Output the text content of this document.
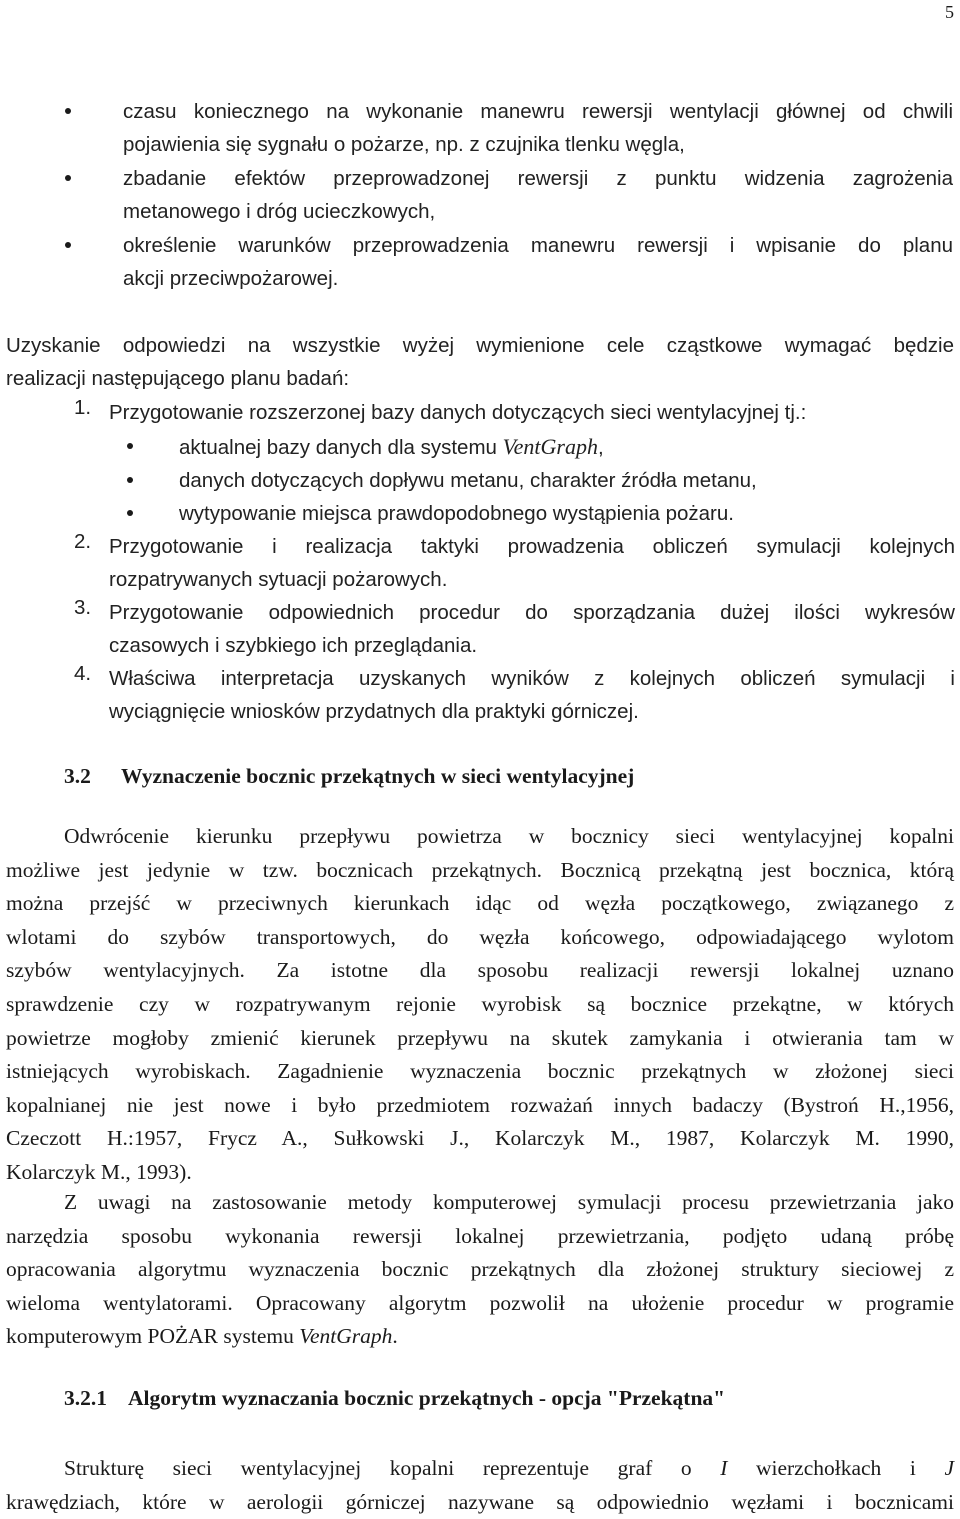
5
czasu koniecznego na wykonanie manewru rewersji wentylacji głównej od chwili
pojawienia się sygnału o pożarze, np. z czujnika tlenku węgla,
zbadanie efektów przeprowadzonej rewersji z punktu widzenia zagrożenia
metanowego i dróg ucieczkowych,
określenie warunków przeprowadzenia manewru rewersji i wpisanie do planu
akcji przeciwpożarowej.
Uzyskanie odpowiedzi na wszystkie wyżej wymienione cele cząstkowe wymagać będzie
realizacji następującego planu badań:
1. Przygotowanie rozszerzonej bazy danych dotyczących sieci wentylacyjnej tj.:
aktualnej bazy danych dla systemu VentGraph,
danych dotyczących dopływu metanu, charakter źródła metanu,
wytypowanie miejsca prawdopodobnego wystąpienia pożaru.
2. Przygotowanie i realizacja taktyki prowadzenia obliczeń symulacji kolejnych
rozpatrywanych sytuacji pożarowych.
3. Przygotowanie odpowiednich procedur do sporządzania dużej ilości wykresów
czasowych i szybkiego ich przeglądania.
4. Właściwa interpretacja uzyskanych wyników z kolejnych obliczeń symulacji i
wyciągnięcie wniosków przydatnych dla praktyki górniczej.
3.2 Wyznaczenie bocznic przekątnych w sieci wentylacyjnej
Odwrócenie kierunku przepływu powietrza w bocznicy sieci wentylacyjnej kopalni
możliwe jest jedynie w tzw. bocznicach przekątnych. Bocznicą przekątną jest bocznica, którą
można przejść w przeciwnych kierunkach idąc od węzła początkowego, związanego z
wlotami do szybów transportowych, do węzła końcowego, odpowiadającego wylotom
szybów wentylacyjnych. Za istotne dla sposobu realizacji rewersji lokalnej uznano
sprawdzenie czy w rozpatrywanym rejonie wyrobisk są bocznice przekątne, w których
powietrze mogłoby zmienić kierunek przepływu na skutek zamykania i otwierania tam w
istniejących wyrobiskach. Zagadnienie wyznaczenia bocznic przekątnych w złożonej sieci
kopalnianej nie jest nowe i było przedmiotem rozważań innych badaczy (Bystroń H.,1956,
Czeczott H.:1957, Frycz A., Sułkowski J., Kolarczyk M., 1987, Kolarczyk M. 1990,
Kolarczyk M., 1993).
Z uwagi na zastosowanie metody komputerowej symulacji procesu przewietrzania jako
narzędzia sposobu wykonania rewersji lokalnej przewietrzania, podjęto udaną próbę
opracowania algorytmu wyznaczenia bocznic przekątnych dla złożonej struktury sieciowej z
wieloma wentylatorami. Opracowany algorytm pozwolił na ułożenie procedur w programie
komputerowym POŻAR systemu VentGraph.
3.2.1 Algorytm wyznaczania bocznic przekątnych - opcja "Przekątna"
Strukturę sieci wentylacyjnej kopalni reprezentuje graf o I wierzchołkach i J
krawędziach, które w aerologii górniczej nazywane są odpowiednio węzłami i bocznicami
